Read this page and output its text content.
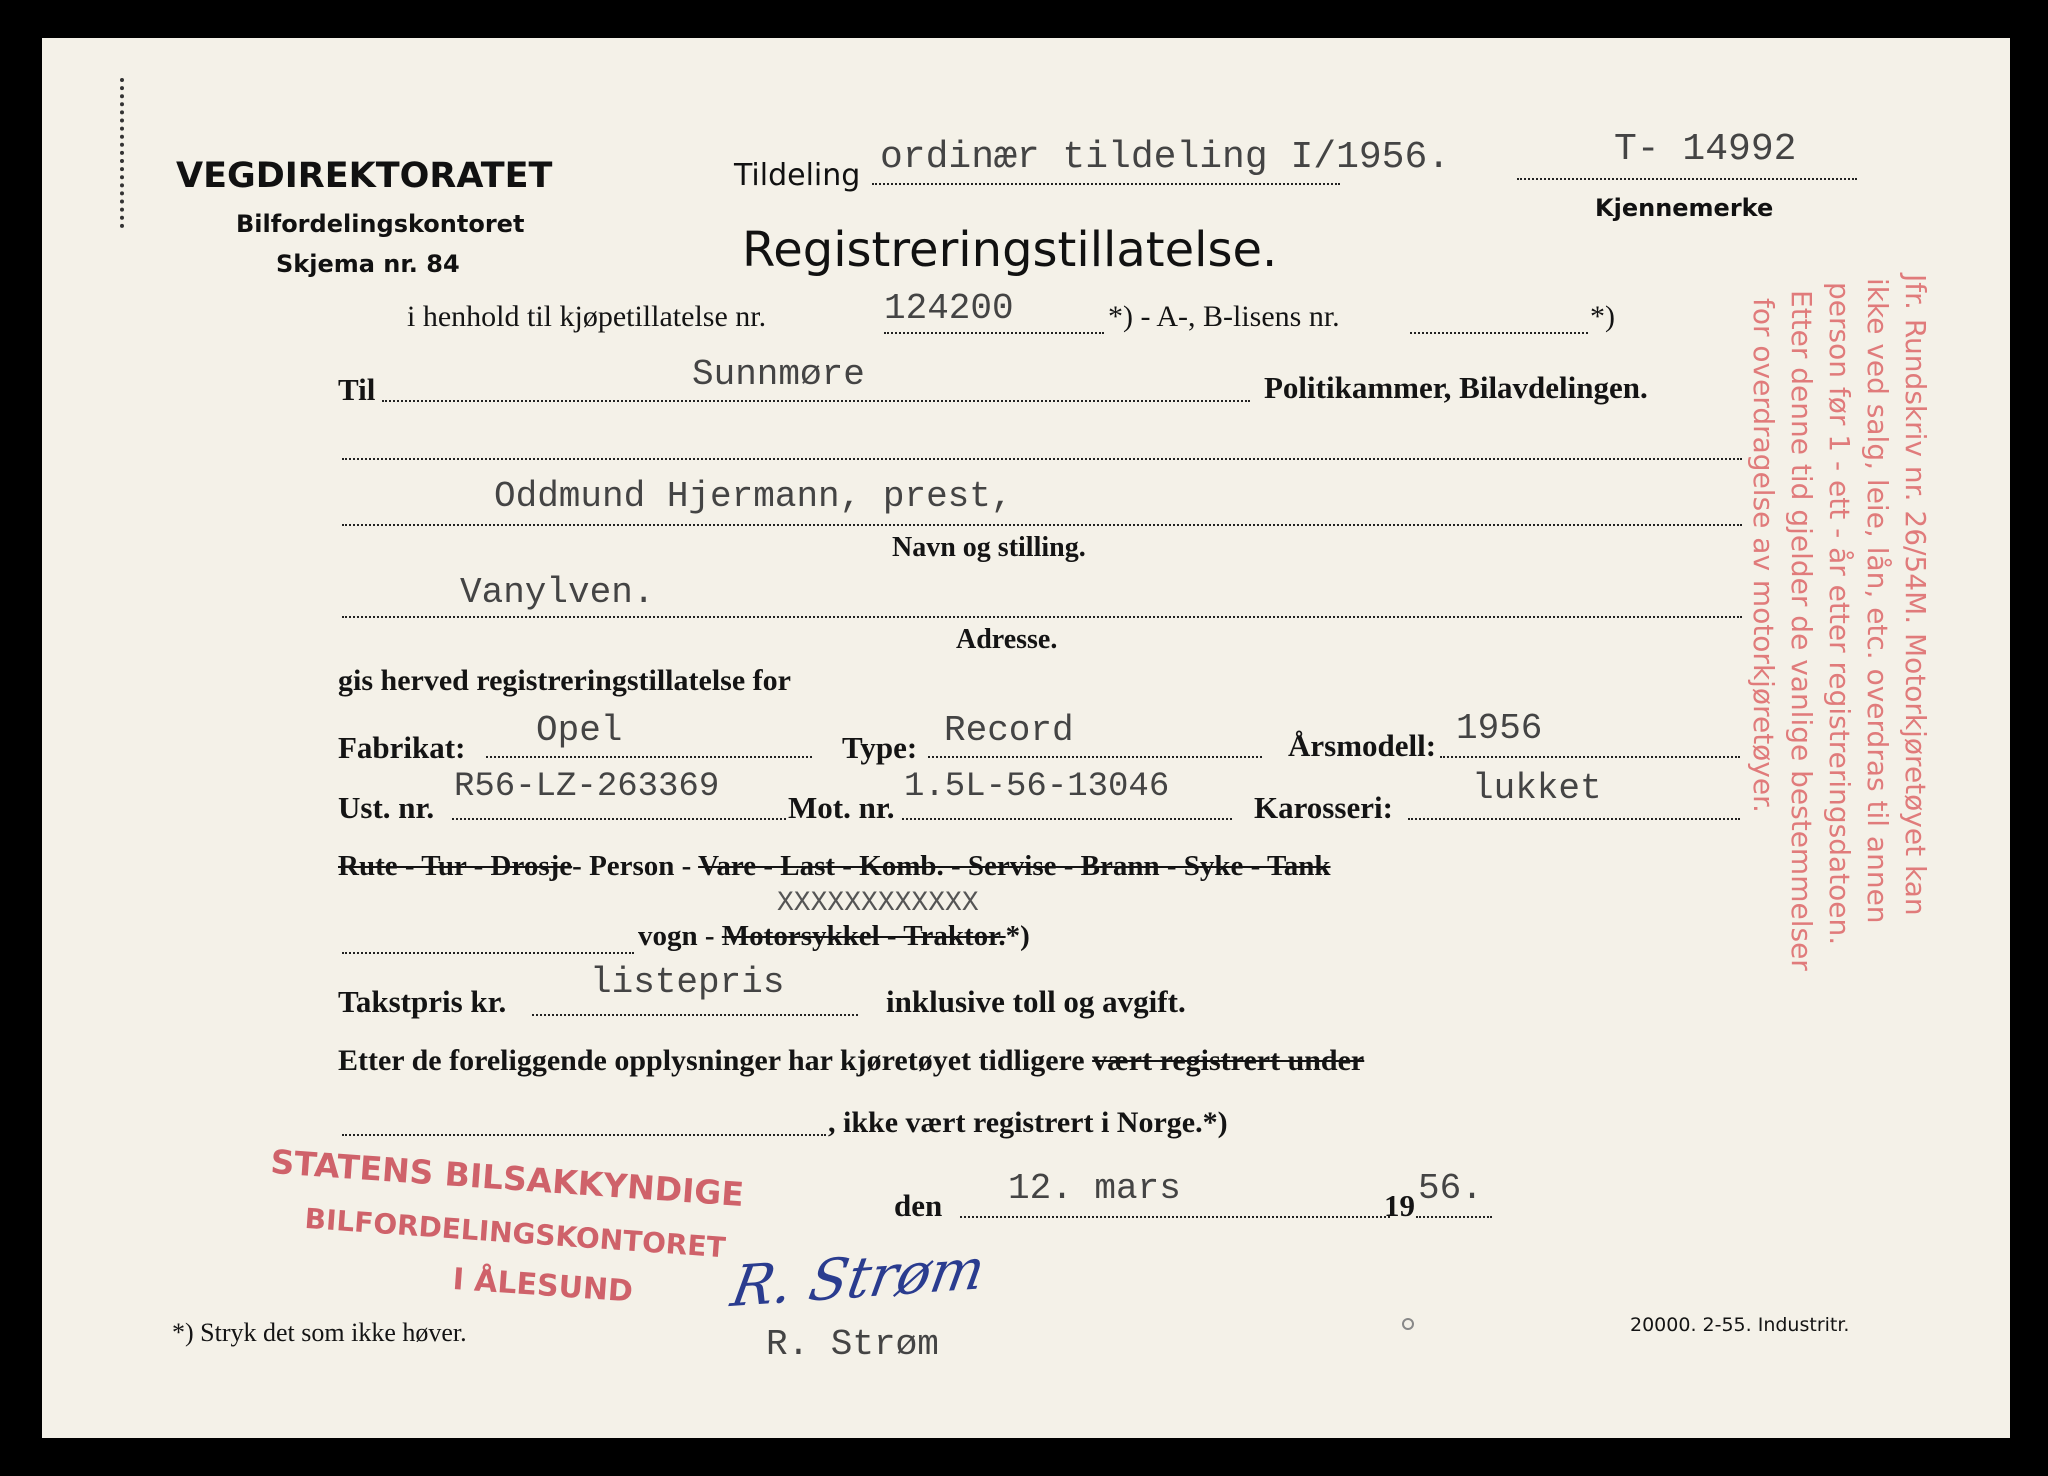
VEGDIREKTORATET
Bilfordelingskontoret
Skjema nr. 84
Tildeling ordinær tildeling I/1956.	T- 14992
Kjennemerke
Registreringstillatelse.
i henhold til kjøpetillatelse nr.	124200	*) - A-, B-lisens nr.	*)
Til	Sunnmøre	Politikammer, Bilavdelingen.
Oddmund Hjermann, prest,
Navn og stilling.
Vanylven.
Adresse.
gis herved registreringstillatelse for
Fabrikat: Opel	Type: Record	Årsmodell: 1956
Ust. nr.
R56-LZ-263369
Mot. nr.
1.5L-56-13046
Karosseri: lukket
Rute - Tur - Drosje- Person - Vare - Last - Komb. - Servise - Brann - Syke - Tank
XXXXXXXXXXXX
vogn - Motorsykkel - Traktor.*)
Takstpris kr. listepris	inklusive toll og avgift.
Etter de foreliggende opplysninger har kjøretøyet tidligere vært registrert under
, ikke vært registrert i Norge.*)
STATENS BILSAKKYNDIGE
BILFORDELINGSKONTORET
I ÅLESUND
den 12. mars	19 56.
R. Strøm
R. Strøm
*) Stryk det som ikke høver.	20000. 2-55. Industritr.
Jfr. Rundskriv nr. 26/54M. Motorkjøretøyet kan
ikke ved salg, leie, lån, etc. overdras til annen
person før 1 - ett - år etter registreringsdatoen.
Etter denne tid gjelder de vanlige bestemmelser
for overdragelse av motorkjøretøyer.
